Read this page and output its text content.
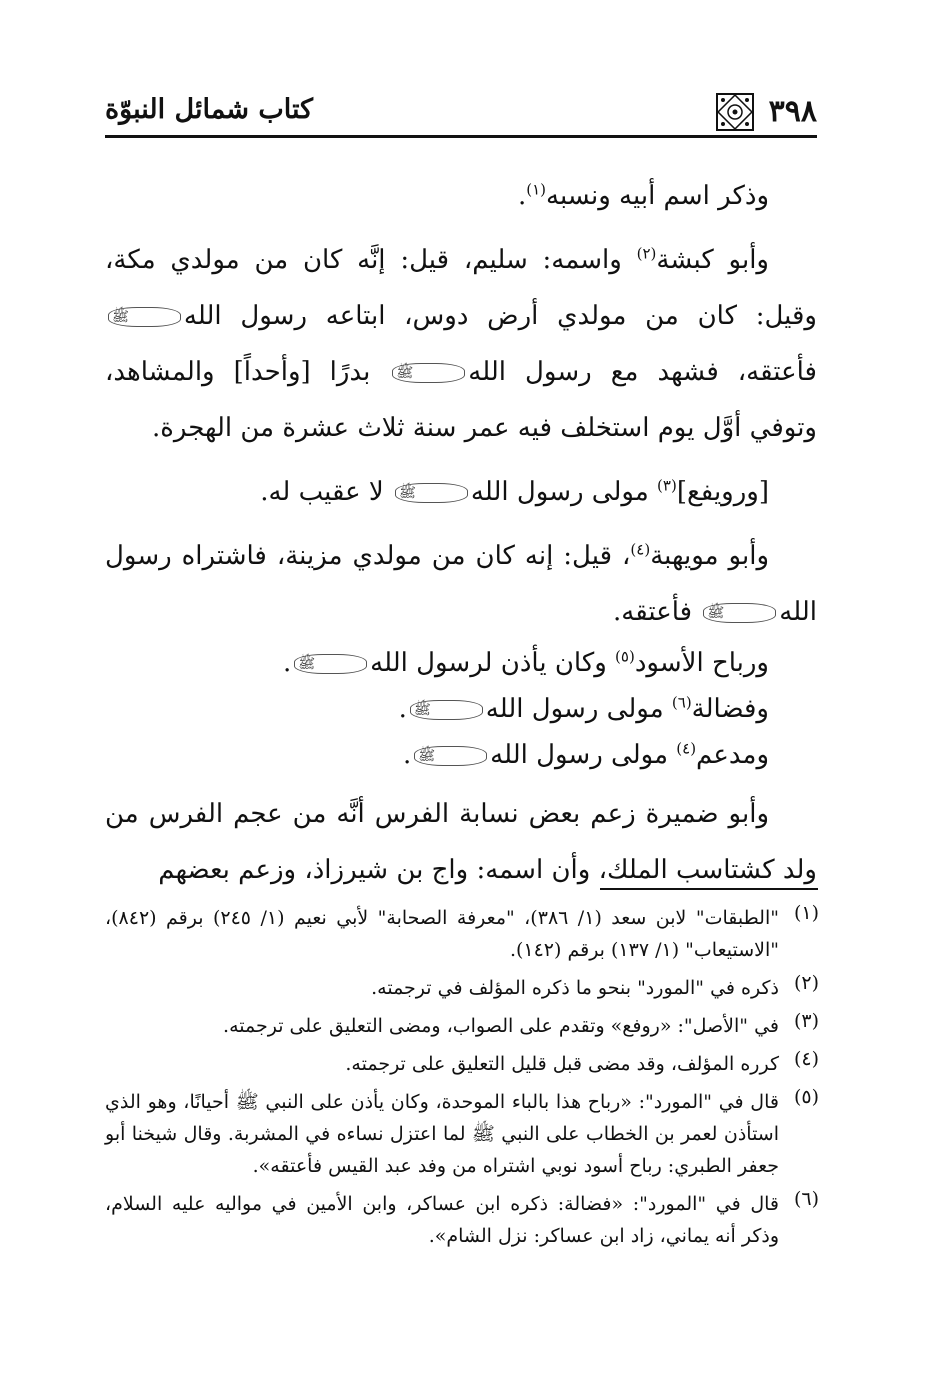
٣٩٨
كتاب شمائل النبوّة

وذكر اسم أبيه ونسبه$^{(١)}$.

وأبو كبشة$^{(٢)}$ واسمه: سليم، قيل: إنَّه كان من مولدي مكة، وقيل: كان من مولدي أرض دوس، ابتاعه رسول اللهﷺ فأعتقه، فشهد مع رسول اللهﷺ بدرًا [وأحداً] والمشاهد، وتوفي أوَّل يوم استخلف فيه عمر سنة ثلاث عشرة من الهجرة.

[ورويفع]$^{(٣)}$ مولى رسول اللهﷺ لا عقيب له.

وأبو مويهبة$^{(٤)}$، قيل: إنه كان من مولدي مزينة، فاشتراه رسول اللهﷺ فأعتقه.

ورباح الأسود$^{(٥)}$ وكان يأذن لرسول اللهﷺ.

وفضالة$^{(٦)}$ مولى رسول اللهﷺ.

ومدعم$^{(٤)}$ مولى رسول اللهﷺ.

وأبو ضميرة زعم بعض نسابة الفرس أنَّه من عجم الفرس من ولد كشتاسب الملك، وأن اسمه: واج بن شيرزاذ، وزعم بعضهم

(١)
"الطبقات" لابن سعد (١/ ٣٨٦)، "معرفة الصحابة" لأبي نعيم (١/ ٢٤٥) برقم (٨٤٢)، "الاستيعاب" (١/ ١٣٧) برقم (١٤٢).
(٢)
ذكره في "المورد" بنحو ما ذكره المؤلف في ترجمته.
(٣)
في "الأصل": «روفع» وتقدم على الصواب، ومضى التعليق على ترجمته.
(٤)
كرره المؤلف، وقد مضى قبل قليل التعليق على ترجمته.
(٥)
قال في "المورد": «رباح هذا بالباء الموحدة، وكان يأذن على النبي ﷺ أحيانًا، وهو الذي استأذن لعمر بن الخطاب على النبي ﷺ لما اعتزل نساءه في المشربة. وقال شيخنا أبو جعفر الطبري: رباح أسود نوبي اشتراه من وفد عبد القيس فأعتقه».
(٦)
قال في "المورد": «فضالة: ذكره ابن عساكر، وابن الأمين في مواليه عليه السلام، وذكر أنه يماني، زاد ابن عساكر: نزل الشام».
